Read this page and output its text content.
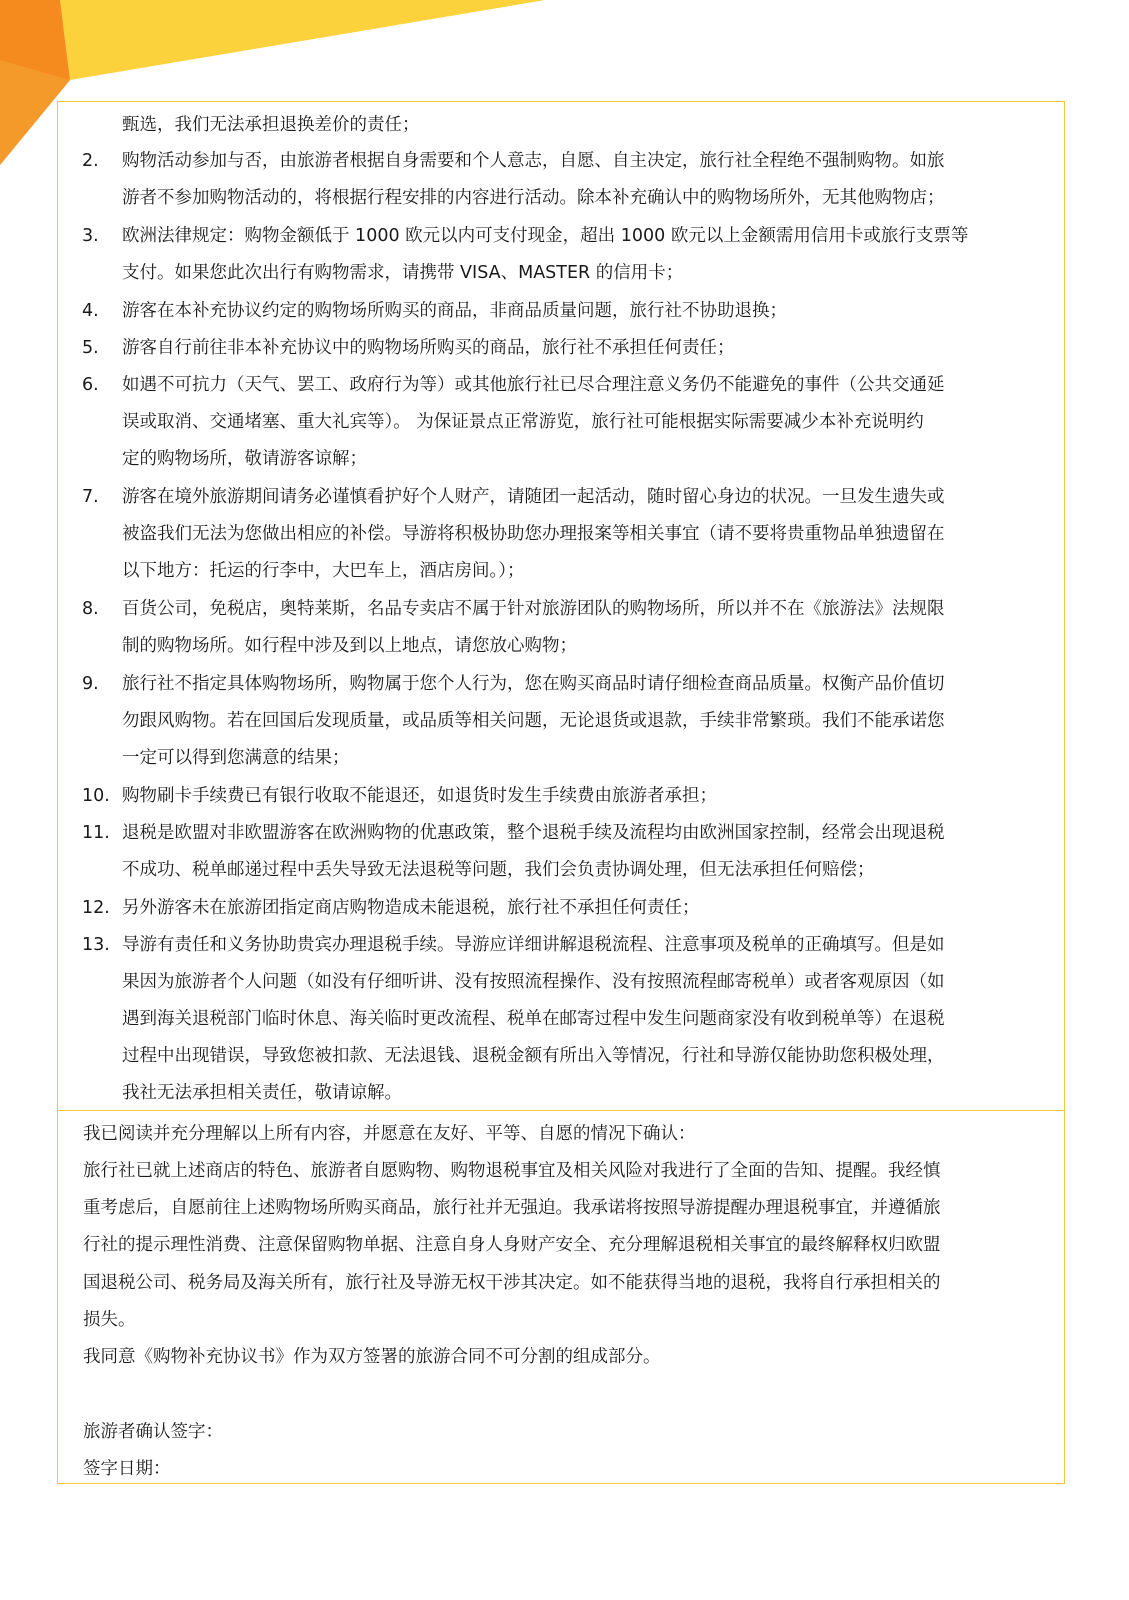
甄选，我们无法承担退换差价的责任；
2. 购物活动参加与否，由旅游者根据自身需要和个人意志，自愿、自主决定，旅行社全程绝不强制购物。如旅
游者不参加购物活动的，将根据行程安排的内容进行活动。除本补充确认中的购物场所外，无其他购物店；
3. 欧洲法律规定：购物金额低于 1000 欧元以内可支付现金，超出 1000 欧元以上金额需用信用卡或旅行支票等
支付。如果您此次出行有购物需求，请携带 VISA、MASTER 的信用卡；
4. 游客在本补充协议约定的购物场所购买的商品，非商品质量问题，旅行社不协助退换；
5. 游客自行前往非本补充协议中的购物场所购买的商品，旅行社不承担任何责任；
6. 如遇不可抗力（天气、罢工、政府行为等）或其他旅行社已尽合理注意义务仍不能避免的事件（公共交通延
误或取消、交通堵塞、重大礼宾等）。 为保证景点正常游览，旅行社可能根据实际需要减少本补充说明约
定的购物场所，敬请游客谅解；
7. 游客在境外旅游期间请务必谨慎看护好个人财产，请随团一起活动，随时留心身边的状况。一旦发生遗失或
被盗我们无法为您做出相应的补偿。导游将积极协助您办理报案等相关事宜（请不要将贵重物品单独遗留在
以下地方：托运的行李中，大巴车上，酒店房间。）；
8. 百货公司，免税店，奥特莱斯，名品专卖店不属于针对旅游团队的购物场所，所以并不在《旅游法》法规限
制的购物场所。如行程中涉及到以上地点，请您放心购物；
9. 旅行社不指定具体购物场所，购物属于您个人行为，您在购买商品时请仔细检查商品质量。权衡产品价值切
勿跟风购物。若在回国后发现质量，或品质等相关问题，无论退货或退款，手续非常繁琐。我们不能承诺您
一定可以得到您满意的结果；
10. 购物刷卡手续费已有银行收取不能退还，如退货时发生手续费由旅游者承担；
11. 退税是欧盟对非欧盟游客在欧洲购物的优惠政策，整个退税手续及流程均由欧洲国家控制，经常会出现退税
不成功、税单邮递过程中丢失导致无法退税等问题，我们会负责协调处理，但无法承担任何赔偿；
12. 另外游客未在旅游团指定商店购物造成未能退税，旅行社不承担任何责任；
13. 导游有责任和义务协助贵宾办理退税手续。导游应详细讲解退税流程、注意事项及税单的正确填写。但是如
果因为旅游者个人问题（如没有仔细听讲、没有按照流程操作、没有按照流程邮寄税单）或者客观原因（如
遇到海关退税部门临时休息、海关临时更改流程、税单在邮寄过程中发生问题商家没有收到税单等）在退税
过程中出现错误，导致您被扣款、无法退钱、退税金额有所出入等情况，行社和导游仅能协助您积极处理，
我社无法承担相关责任，敬请谅解。
我已阅读并充分理解以上所有内容，并愿意在友好、平等、自愿的情况下确认：
旅行社已就上述商店的特色、旅游者自愿购物、购物退税事宜及相关风险对我进行了全面的告知、提醒。我经慎
重考虑后，自愿前往上述购物场所购买商品，旅行社并无强迫。我承诺将按照导游提醒办理退税事宜，并遵循旅
行社的提示理性消费、注意保留购物单据、注意自身人身财产安全、充分理解退税相关事宜的最终解释权归欧盟
国退税公司、税务局及海关所有，旅行社及导游无权干涉其决定。如不能获得当地的退税，我将自行承担相关的
损失。
我同意《购物补充协议书》作为双方签署的旅游合同不可分割的组成部分。
旅游者确认签字：
签字日期：
